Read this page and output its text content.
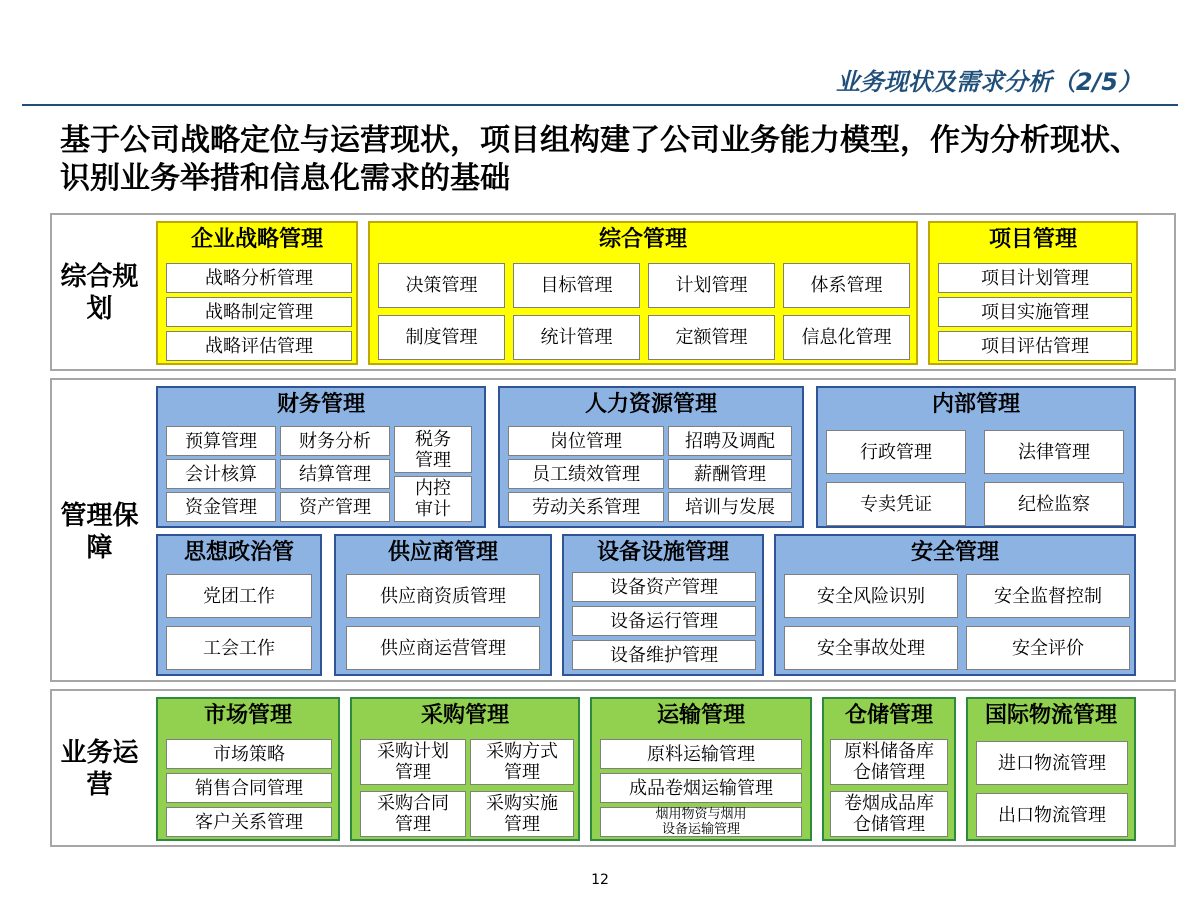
业务现状及需求分析（2/5）
基于公司战略定位与运营现状，项目组构建了公司业务能力模型，作为分析现状、识别业务举措和信息化需求的基础
综合规划
企业战略管理
战略分析管理
战略制定管理
战略评估管理
综合管理
决策管理	目标管理	计划管理	体系管理
制度管理	统计管理	定额管理	信息化管理
项目管理
项目计划管理
项目实施管理
项目评估管理
管理保障
财务管理
预算管理	财务分析
会计核算	结算管理
资金管理	资产管理
税务管理
内控审计
人力资源管理
岗位管理	招聘及调配
员工绩效管理	薪酬管理
劳动关系管理	培训与发展
内部管理
行政管理	法律管理
专卖凭证	纪检监察
思想政治管
党团工作
工会工作
供应商管理
供应商资质管理
供应商运营管理
设备设施管理
设备资产管理
设备运行管理
设备维护管理
安全管理
安全风险识别	安全监督控制
安全事故处理	安全评价
业务运营
市场管理
市场策略
销售合同管理
客户关系管理
采购管理
采购计划管理
采购方式管理
采购合同管理
采购实施管理
运输管理
原料运输管理
成品卷烟运输管理
烟用物资与烟用设备运输管理
仓储管理
原料储备库仓储管理
卷烟成品库仓储管理
国际物流管理
进口物流管理
出口物流管理
12
